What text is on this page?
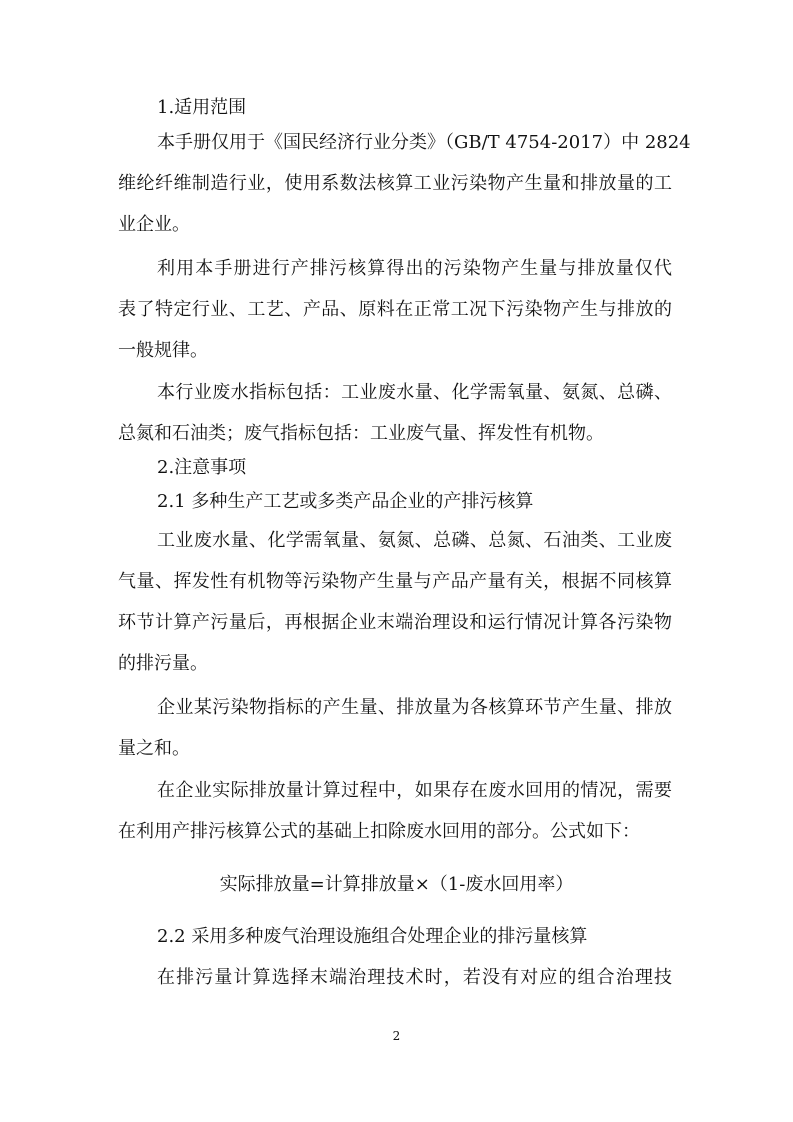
1.适用范围
本手册仅用于《国民经济行业分类》（GB/T 4754-2017）中 2824
维纶纤维制造行业，使用系数法核算工业污染物产生量和排放量的工
业企业。
利用本手册进行产排污核算得出的污染物产生量与排放量仅代
表了特定行业、工艺、产品、原料在正常工况下污染物产生与排放的
一般规律。
本行业废水指标包括：工业废水量、化学需氧量、氨氮、总磷、
总氮和石油类；废气指标包括：工业废气量、挥发性有机物。
2.注意事项
2.1 多种生产工艺或多类产品企业的产排污核算
工业废水量、化学需氧量、氨氮、总磷、总氮、石油类、工业废
气量、挥发性有机物等污染物产生量与产品产量有关，根据不同核算
环节计算产污量后，再根据企业末端治理设和运行情况计算各污染物
的排污量。
企业某污染物指标的产生量、排放量为各核算环节产生量、排放
量之和。
在企业实际排放量计算过程中，如果存在废水回用的情况，需要
在利用产排污核算公式的基础上扣除废水回用的部分。公式如下：
实际排放量=计算排放量×（1-废水回用率）
2.2 采用多种废气治理设施组合处理企业的排污量核算
在排污量计算选择末端治理技术时，若没有对应的组合治理技
2
